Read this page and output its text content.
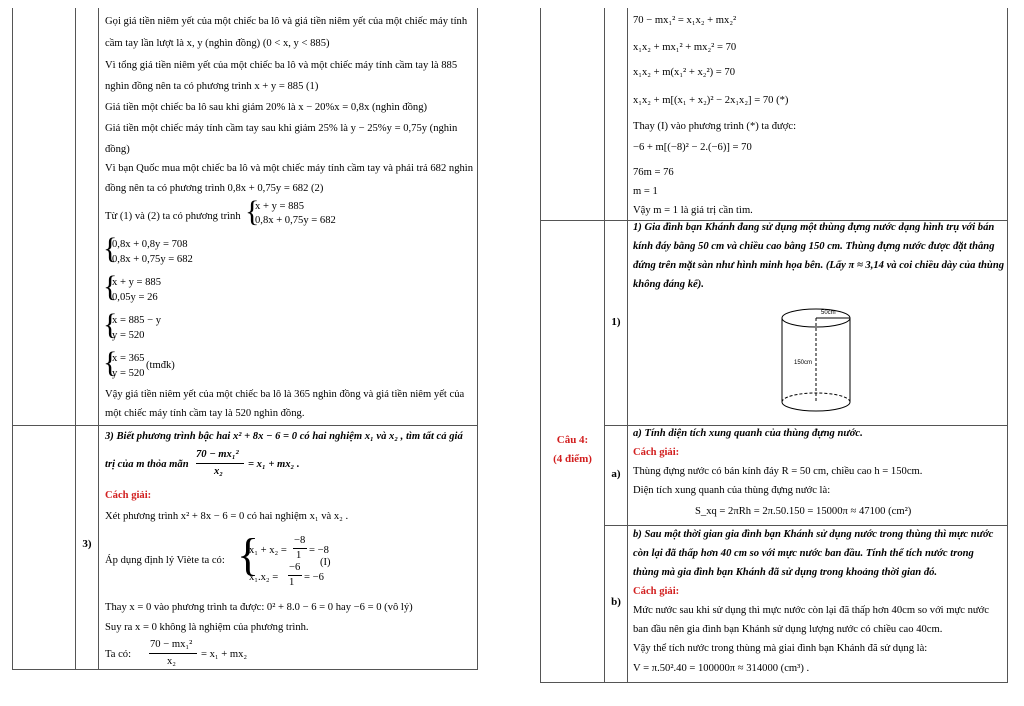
3)
Gọi giá tiền niêm yết của một chiếc ba lô và giá tiền niêm yết của một chiếc máy tính
cầm tay lần lượt là x, y (nghìn đồng) (0 < x, y < 885)
Vì tổng giá tiền niêm yết của một chiếc ba lô và một chiếc máy tính cầm tay là 885
nghìn đồng nên ta có phương trình x + y = 885 (1)
Giá tiền một chiếc ba lô sau khi giảm 20% là x − 20%x = 0,8x (nghìn đồng)
Giá tiền một chiếc máy tính cầm tay sau khi giảm 25% là y − 25%y = 0,75y (nghìn
đồng)
Vì bạn Quốc mua một chiếc ba lô và một chiếc máy tính cầm tay và phải trả 682 nghìn
đồng nên ta có phương trình 0,8x + 0,75y = 682 (2)
Từ (1) và (2) ta có phương trình {
x + y = 885
0,8x + 0,75y = 682
{
0,8x + 0,8y = 708
0,8x + 0,75y = 682
{
x + y = 885
0,05y = 26
{
x = 885 − y
y = 520
{
x = 365
y = 520
(tmđk)
Vậy giá tiền niêm yết của một chiếc ba lô là 365 nghìn đồng và giá tiền niêm yết của
một chiếc máy tính cầm tay là 520 nghìn đồng.
3) Biết phương trình bậc hai x² + 8x − 6 = 0 có hai nghiệm x₁ và x₂ , tìm tất cả giá
trị của m thỏa mãn
70 − mx₁²
x₂
= x₁ + mx₂ .
Cách giải:
Xét phương trình x² + 8x − 6 = 0 có hai nghiệm x₁ và x₂ .
Áp dụng định lý Viète ta có: {
x₁ + x₂ =
−8
1 = −8
(I)
x₁.x₂ =
−6
1 = −6
Thay x = 0 vào phương trình ta được: 0² + 8.0 − 6 = 0 hay −6 = 0 (vô lý)
Suy ra x = 0 không là nghiệm của phương trình.
Ta có:
70 − mx₁²
x₂
= x₁ + mx₂
70 − mx₁² = x₁x₂ + mx₂²
x₁x₂ + mx₁² + mx₂² = 70
x₁x₂ + m(x₁² + x₂²) = 70
x₁x₂ + m[(x₁ + x₂)² − 2x₁x₂] = 70 (*)
Thay (I) vào phương trình (*) ta được:
−6 + m[(−8)² − 2.(−6)] = 70
76m = 76
m = 1
Vậy m = 1 là giá trị cần tìm.
Câu 4:
(4 điểm)
1)
a)
b)
1) Gia đình bạn Khánh đang sử dụng một thùng đựng nước dạng hình trụ với bán
kính đáy bằng 50 cm và chiều cao bằng 150 cm. Thùng đựng nước được đặt thẳng
đứng trên mặt sàn như hình minh họa bên. (Lấy π ≈ 3,14 và coi chiều dày của thùng
không đáng kể).
50cm
150cm
a) Tính diện tích xung quanh của thùng đựng nước.
Cách giải:
Thùng đựng nước có bán kính đáy R = 50 cm, chiều cao h = 150cm.
Diện tích xung quanh của thùng đựng nước là:
S_xq = 2πRh = 2π.50.150 = 15000π ≈ 47100 (cm²)
b) Sau một thời gian gia đình bạn Khánh sử dụng nước trong thùng thì mực nước
còn lại đã thấp hơn 40 cm so với mực nước ban đầu. Tính thể tích nước trong
thùng mà gia đình bạn Khánh đã sử dụng trong khoảng thời gian đó.
Cách giải:
Mức nước sau khi sử dụng thì mực nước còn lại đã thấp hơn 40cm so với mực nước
ban đầu nên gia đình bạn Khánh sử dụng lượng nước có chiều cao 40cm.
Vậy thể tích nước trong thùng mà giai đình bạn Khánh đã sử dụng là:
V = π.50².40 = 100000π ≈ 314000 (cm³) .
